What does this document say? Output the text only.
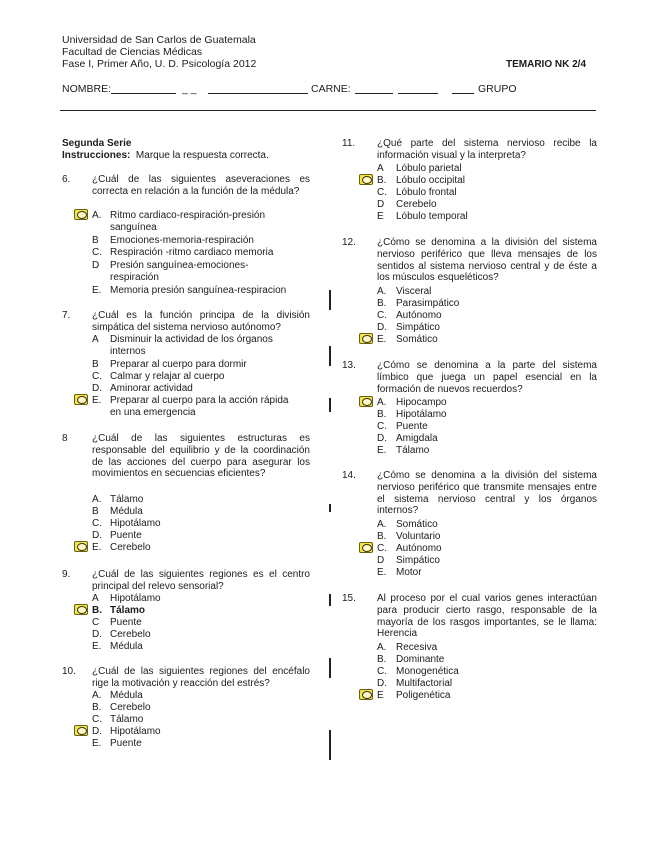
Universidad de San Carlos de Guatemala
Facultad de Ciencias Médicas
Fase I, Primer Año, U. D. Psicología 2012	TEMARIO NK 2/4
NOMBRE:	_ _	CARNE:	GRUPO
Segunda Serie
Instrucciones: Marque la respuesta correcta.
6. ¿Cuál de las siguientes aseveraciones es correcta en relación a la función de la médula?
A. Ritmo cardiaco-respiración-presión
sanguínea
B Emociones-memoria-respiración
C. Respiración -ritmo cardiaco memoria
D Presión sanguínea-emociones-
respiración
E. Memoria presión sanguínea-respiracion
7. ¿Cuál es la función principa de la división simpática del sistema nervioso autónomo?
A Disminuir la actividad de los órganos
internos
B Preparar al cuerpo para dormir
C. Calmar y relajar al cuerpo
D. Aminorar actividad
E. Preparar al cuerpo para la acción rápida
en una emergencia
8 ¿Cuál de las siguientes estructuras es responsable del equilibrio y de la coordinación de las acciones del cuerpo para asegurar los movimientos en secuencias eficientes?
A. Tálamo
B Médula
C. Hipotálamo
D. Puente
E. Cerebelo
9. ¿Cuál de las siguientes regiones es el centro principal del relevo sensorial?
A Hipotálamo
B. Tálamo
C Puente
D. Cerebelo
E. Médula
10. ¿Cuál de las siguientes regiones del encéfalo rige la motivación y reacción del estrés?
A. Médula
B. Cerebelo
C. Tálamo
D. Hipotálamo
E. Puente
11. ¿Qué parte del sistema nervioso recibe la información visual y la interpreta?
A Lóbulo parietal
B. Lóbulo occipital
C. Lóbulo frontal
D Cerebelo
E Lóbulo temporal
12. ¿Cómo se denomina a la división del sistema nervioso periférico que lleva mensajes de los sentidos al sistema nervioso central y de éste a los músculos esqueléticos?
A. Visceral
B. Parasimpático
C. Autónomo
D. Simpático
E. Somático
13. ¿Cómo se denomina a la parte del sistema límbico que juega un papel esencial en la formación de nuevos recuerdos?
A. Hipocampo
B. Hipotálamo
C. Puente
D. Amigdala
E. Tálamo
14. ¿Cómo se denomina a la división del sistema nervioso periférico que transmite mensajes entre el sistema nervioso central y los órganos internos?
A. Somático
B. Voluntario
C. Autónomo
D Simpático
E. Motor
15. Al proceso por el cual varios genes interactúan para producir cierto rasgo, responsable de la mayoría de los rasgos importantes, se le llama: Herencia
A. Recesiva
B. Dominante
C. Monogenética
D. Multifactorial
E Poligenética
